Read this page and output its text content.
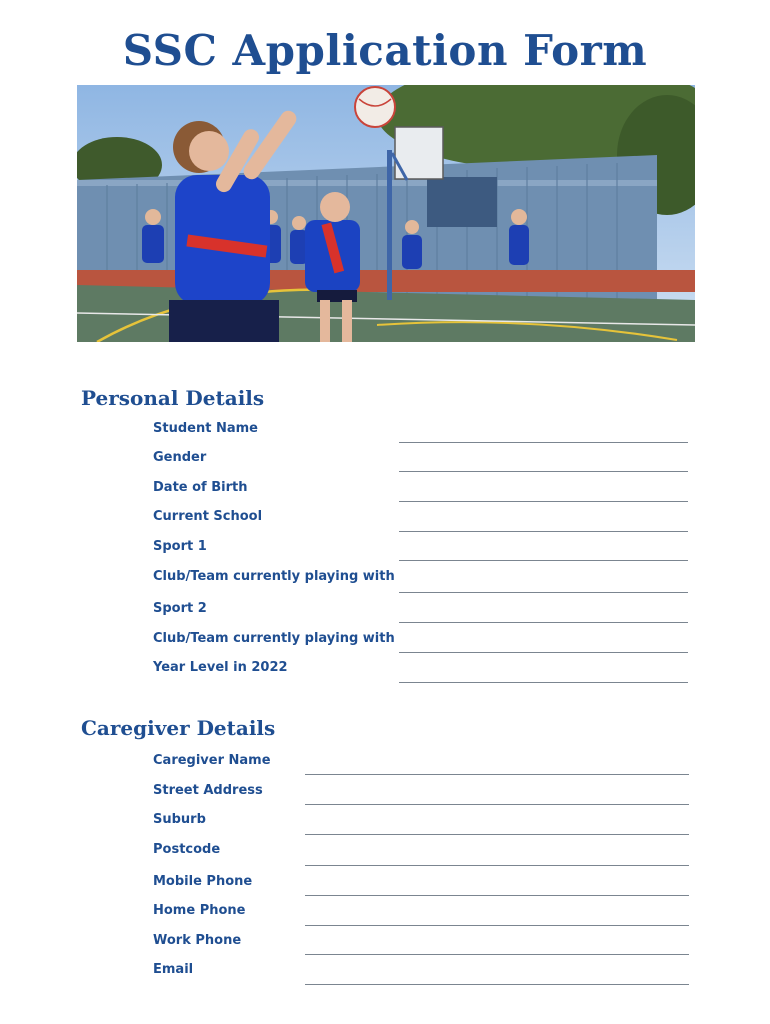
SSC Application Form
Personal Details
Student Name
Gender
Date of Birth
Current School
Sport 1
Club/Team currently playing with
Sport 2
Club/Team currently playing with
Year Level in 2022
Caregiver Details
Caregiver Name
Street Address
Suburb
Postcode
Mobile Phone
Home Phone
Work Phone
Email
